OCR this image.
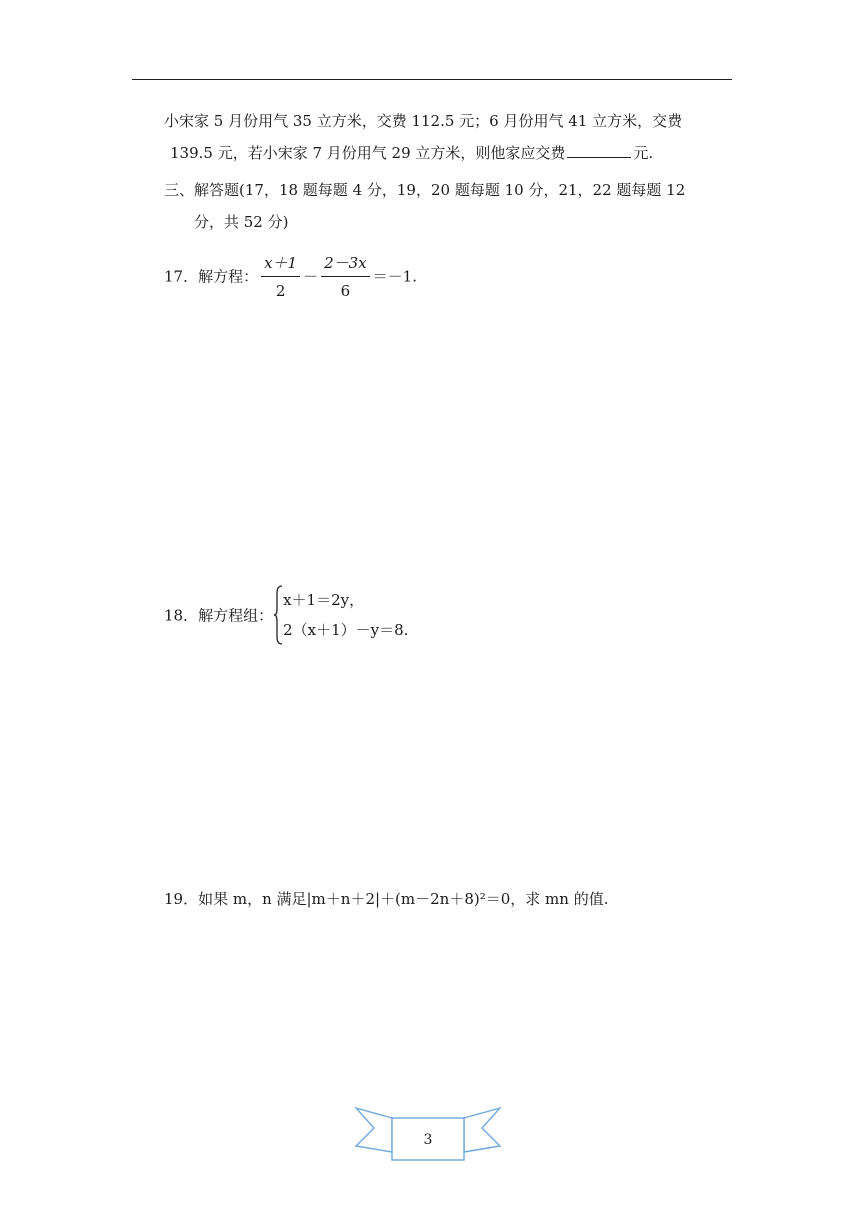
小宋家 5 月份用气 35 立方米，交费 112.5 元；6 月份用气 41 立方米，交费
139.5 元，若小宋家 7 月份用气 29 立方米，则他家应交费	元.
三、解答题(17，18 题每题 4 分，19，20 题每题 10 分，21，22 题每题 12
分，共 52 分)
17．解方程： $\frac{x+1}{2} - \frac{2-3x}{6} =-1$.
18．解方程组：
x＋1＝2y，
2（x＋1）－y＝8.
19．如果 m，n 满足|m＋n＋2|＋(m－2n＋8)²＝0，求 mn 的值.
3
